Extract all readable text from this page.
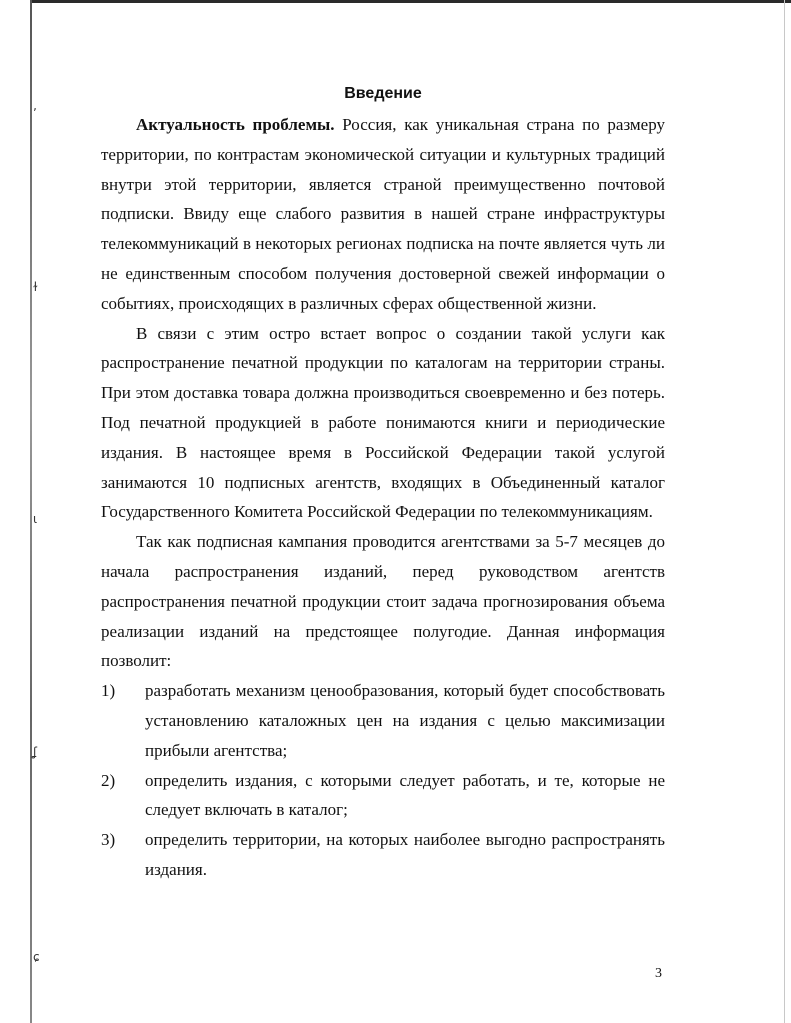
ʼ
ɫ
ɩ
ʆ
ɕ
Введение

Актуальность проблемы. Россия, как уникальная страна по размеру территории, по контрастам экономической ситуации и культурных традиций внутри этой территории, является страной преимущественно почтовой подписки. Ввиду еще слабого развития в нашей стране инфраструктуры телекоммуникаций в некоторых регионах подписка на почте является чуть ли не единственным способом получения достоверной свежей информации о событиях, происходящих в различных сферах общественной жизни.

В связи с этим остро встает вопрос о создании такой услуги как распространение печатной продукции по каталогам на территории страны. При этом доставка товара должна производиться своевременно и без потерь. Под печатной продукцией в работе понимаются книги и периодические издания. В настоящее время в Российской Федерации такой услугой занимаются 10 подписных агентств, входящих в Объединенный каталог Государственного Комитета Российской Федерации по телекоммуникациям.

Так как подписная кампания проводится агентствами за 5-7 месяцев до начала распространения изданий, перед руководством агентств распространения печатной продукции стоит задача прогнозирования объема реализации изданий на предстоящее полугодие. Данная информация позволит:

1) разработать механизм ценообразования, который будет способствовать установлению каталожных цен на издания с целью максимизации прибыли агентства;
2) определить издания, с которыми следует работать, и те, которые не следует включать в каталог;
3) определить территории, на которых наиболее выгодно распространять издания.
3
